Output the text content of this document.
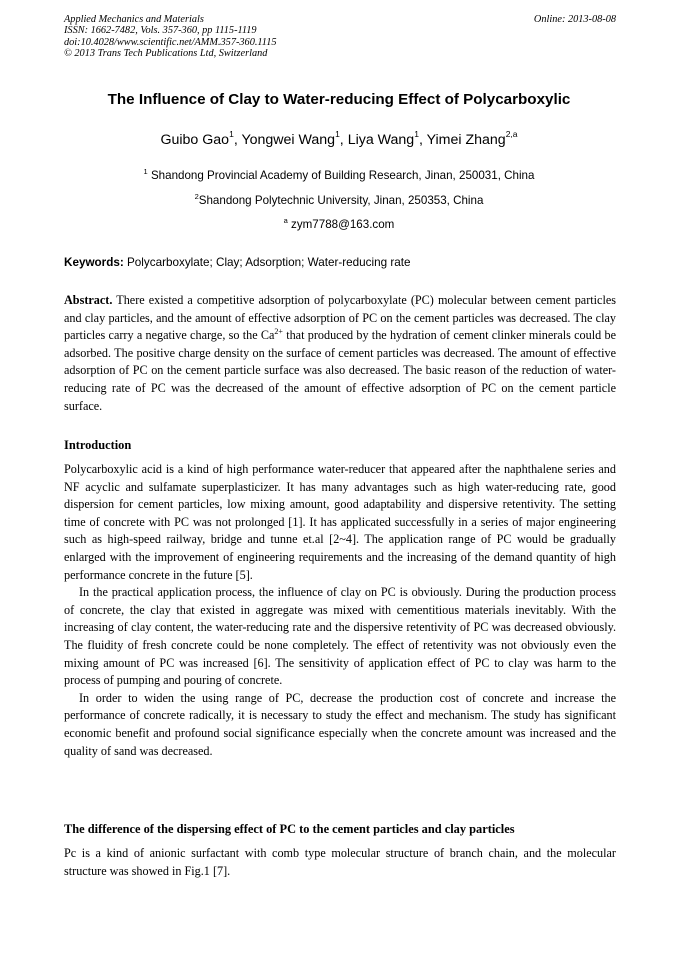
Applied Mechanics and Materials
ISSN: 1662-7482, Vols. 357-360, pp 1115-1119
doi:10.4028/www.scientific.net/AMM.357-360.1115
© 2013 Trans Tech Publications Ltd, Switzerland
Online: 2013-08-08
The Influence of Clay to Water-reducing Effect of Polycarboxylic
Guibo Gao$^1$, Yongwei Wang$^1$, Liya Wang$^1$, Yimei Zhang$^{2,a}$
$^1$ Shandong Provincial Academy of Building Research, Jinan, 250031, China
$^2$Shandong Polytechnic University, Jinan, 250353, China
$^a$ zym7788@163.com
Keywords: Polycarboxylate; Clay; Adsorption; Water-reducing rate

Abstract. There existed a competitive adsorption of polycarboxylate (PC) molecular between cement particles and clay particles, and the amount of effective adsorption of PC on the cement particles was decreased. The clay particles carry a negative charge, so the $Ca^{2+}$ that produced by the hydration of cement clinker minerals could be adsorbed. The positive charge density on the surface of cement particles was decreased. The amount of effective adsorption of PC on the cement particle surface was also decreased. The basic reason of the reduction of water-reducing rate of PC was the decreased of the amount of effective adsorption of PC on the cement particle surface.

Introduction

Polycarboxylic acid is a kind of high performance water-reducer that appeared after the naphthalene series and NF acyclic and sulfamate superplasticizer. It has many advantages such as high water-reducing rate, good dispersion for cement particles, low mixing amount, good adaptability and dispersive retentivity. The setting time of concrete with PC was not prolonged [1]. It has applicated successfully in a series of major engineering such as high-speed railway, bridge and tunne et.al [2~4]. The application range of PC would be gradually enlarged with the improvement of engineering requirements and the increasing of the demand quantity of high performance concrete in the future [5].

In the practical application process, the influence of clay on PC is obviously. During the production process of concrete, the clay that existed in aggregate was mixed with cementitious materials inevitably. With the increasing of clay content, the water-reducing rate and the dispersive retentivity of PC was decreased obviously. The fluidity of fresh concrete could be none completely. The effect of retentivity was not obviously even the mixing amount of PC was increased [6]. The sensitivity of application effect of PC to clay was harm to the process of pumping and pouring of concrete.

In order to widen the using range of PC, decrease the production cost of concrete and increase the performance of concrete radically, it is necessary to study the effect and mechanism. The study has significant economic benefit and profound social significance especially when the concrete amount was increased and the quality of sand was decreased.

The difference of the dispersing effect of PC to the cement particles and clay particles

Pc is a kind of anionic surfactant with comb type molecular structure of branch chain, and the molecular structure was showed in Fig.1 [7].
